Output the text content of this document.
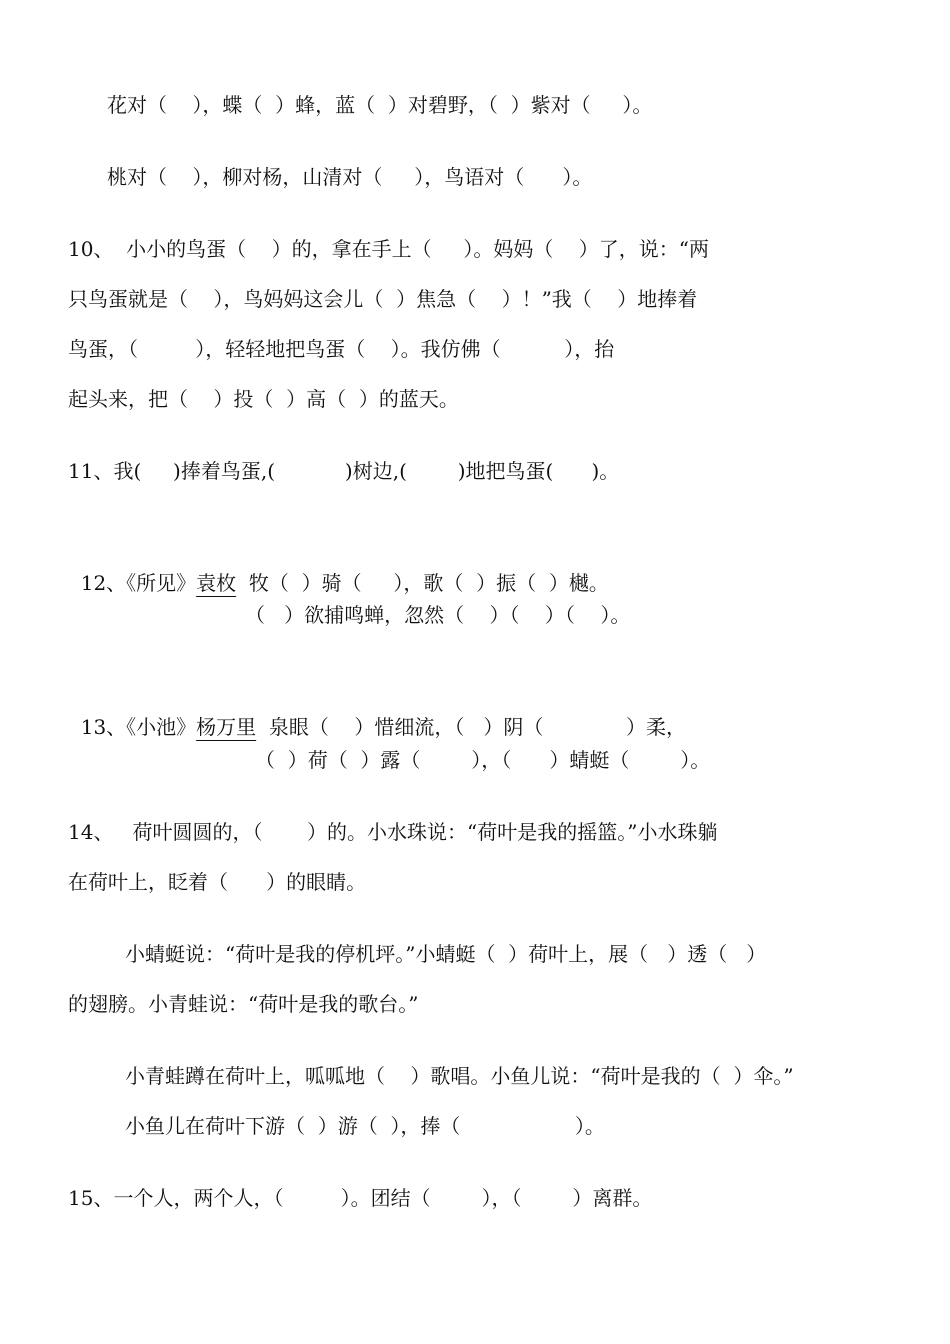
花对（    ），蝶（  ）蜂，蓝（  ）对碧野，（  ）紫对（     ）。

桃对（    ），柳对杨，山清对（     ），鸟语对（      ）。

10、  小小的鸟蛋（    ）的，拿在手上（     ）。妈妈（    ）了，说：“两

只鸟蛋就是（    ），鸟妈妈这会儿（  ）焦急（    ）！”我（    ）地捧着

鸟蛋，（         ），轻轻地把鸟蛋（    ）。我仿佛（          ），抬

起头来，把（    ）投（  ）高（  ）的蓝天。

11、我(     )捧着鸟蛋,(           )树边,(        )地把鸟蛋(      )。

12、《所见》袁枚  牧（  ）骑（     ），歌（  ）振（  ）樾。

（   ）欲捕鸣蝉，忽然（    ）（    ）（    ）。

13、《小池》杨万里  泉眼（    ）惜细流，（   ）阴（             ）柔，

（  ）荷（  ）露（        ），（      ）蜻蜓（        ）。

14、   荷叶圆圆的，（       ）的。小水珠说：“荷叶是我的摇篮。”小水珠躺

在荷叶上，眨着（      ）的眼睛。

小蜻蜓说：“荷叶是我的停机坪。”小蜻蜓（  ）荷叶上，展（   ）透（   ）

的翅膀。小青蛙说：“荷叶是我的歌台。”

小青蛙蹲在荷叶上，呱呱地（    ）歌唱。小鱼儿说：“荷叶是我的（  ）伞。”

小鱼儿在荷叶下游（  ）游（  ），捧（                  ）。

15、一个人，两个人，（         ）。团结（        ），（        ）离群。
